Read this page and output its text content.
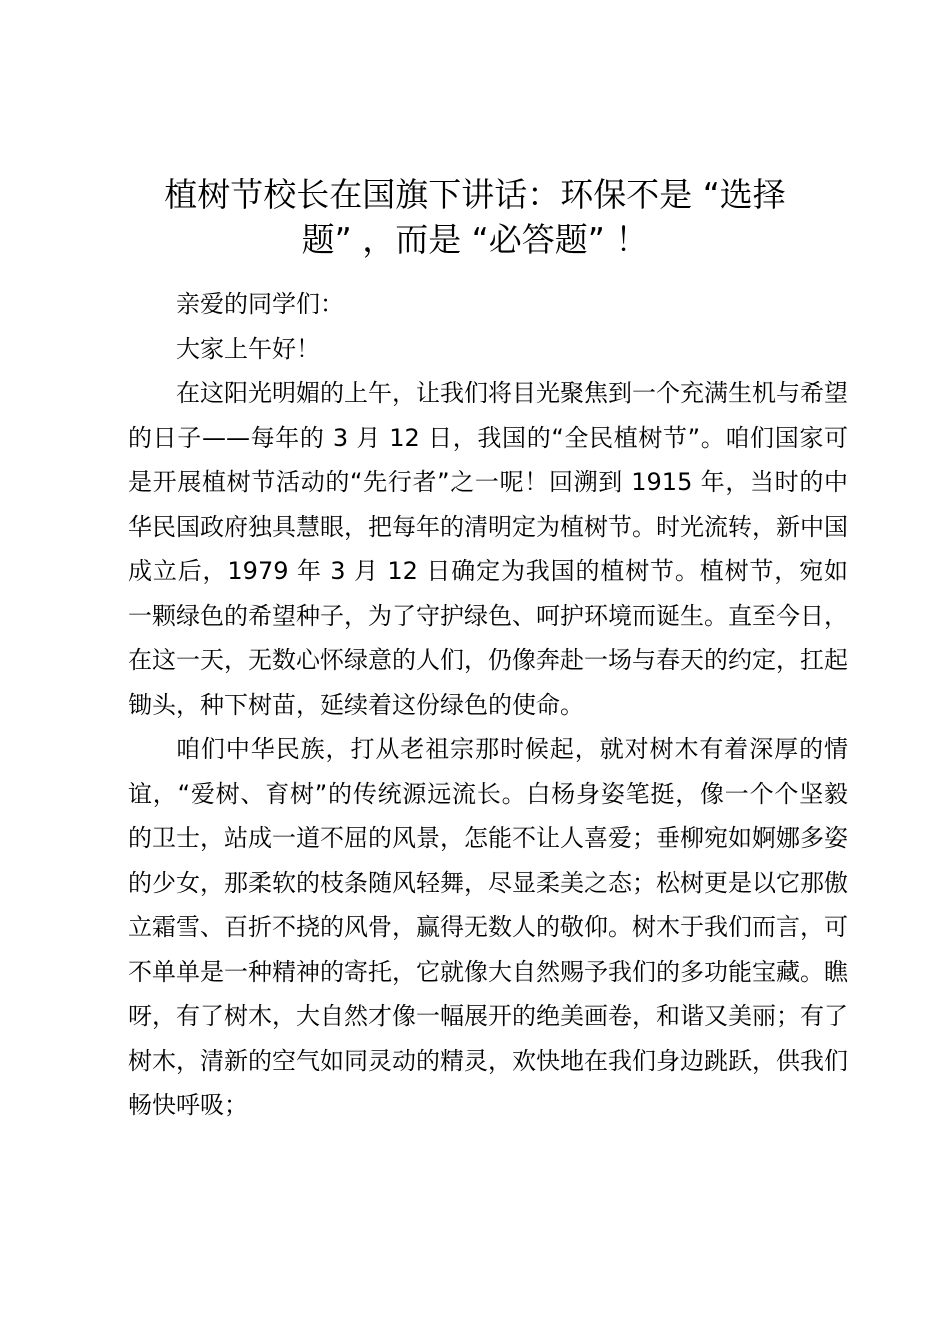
植树节校长在国旗下讲话：环保不是 “选择
题” ，而是 “必答题” ！

亲爱的同学们：

大家上午好！

在这阳光明媚的上午，让我们将目光聚焦到一个充满生机与希望的日子——每年的 3 月 12 日，我国的“全民植树节”。咱们国家可是开展植树节活动的“先行者”之一呢！回溯到 1915 年，当时的中华民国政府独具慧眼，把每年的清明定为植树节。时光流转，新中国成立后，1979 年 3 月 12 日确定为我国的植树节。植树节，宛如一颗绿色的希望种子，为了守护绿色、呵护环境而诞生。直至今日，在这一天，无数心怀绿意的人们，仍像奔赴一场与春天的约定，扛起锄头，种下树苗，延续着这份绿色的使命。

咱们中华民族，打从老祖宗那时候起，就对树木有着深厚的情谊，“爱树、育树”的传统源远流长。白杨身姿笔挺，像一个个坚毅的卫士，站成一道不屈的风景，怎能不让人喜爱；垂柳宛如婀娜多姿的少女，那柔软的枝条随风轻舞，尽显柔美之态；松树更是以它那傲立霜雪、百折不挠的风骨，赢得无数人的敬仰。树木于我们而言，可不单单是一种精神的寄托，它就像大自然赐予我们的多功能宝藏。瞧呀，有了树木，大自然才像一幅展开的绝美画卷，和谐又美丽；有了树木，清新的空气如同灵动的精灵，欢快地在我们身边跳跃，供我们畅快呼吸；
